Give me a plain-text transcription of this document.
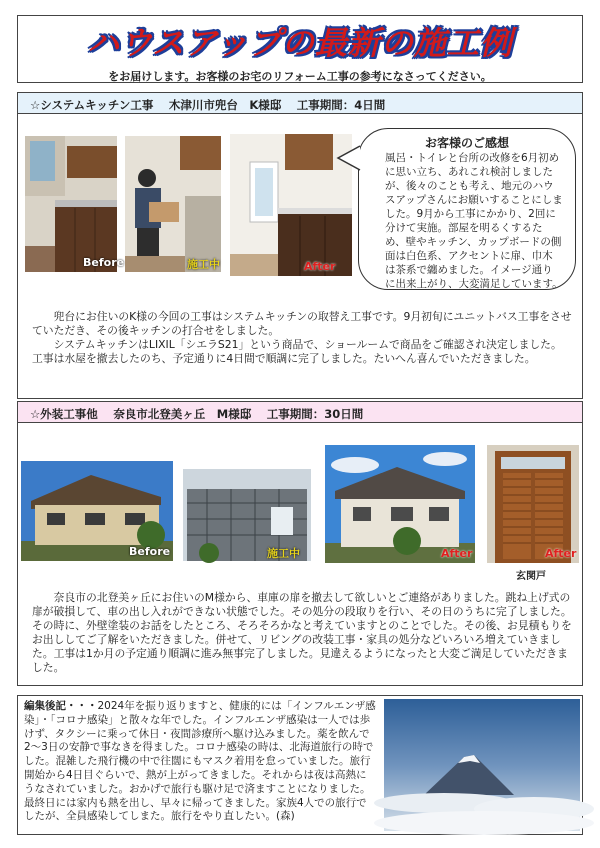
ハウスアップの最新の施工例
をお届けします。お客様のお宅のリフォーム工事の参考になさってください。
☆システムキッチン工事　 木津川市兜台　K様邸　 工事期間：4日間
Before	施工中	After
お客様のご感想
風呂・トイレと台所の改修を6月初めに思い立ち、あれこれ検討しましたが、後々のことも考え、地元のハウスアップさんにお願いすることにしました。9月から工事にかかり、2回に分けて実施。部屋を明るくするため、壁やキッチン、カップボードの側面は白色系、アクセントに扉、巾木は茶系で纏めました。イメージ通りに出来上がり、大変満足しています。
兜台にお住いのK様の今回の工事はシステムキッチンの取替え工事です。9月初旬にユニットバス工事をさせていただき、その後キッチンの打合せをしました。
システムキッチンはLIXIL「シエラS21」という商品で、ショールームで商品をご確認され決定しました。工事は水屋を撤去したのち、予定通りに4日間で順調に完了しました。たいへん喜んでいただきました。
☆外装工事他　 奈良市北登美ヶ丘　M様邸　 工事期間：30日間
Before	施工中	After	After
玄関戸
奈良市の北登美ヶ丘にお住いのM様から、車庫の扉を撤去して欲しいとご連絡がありました。跳ね上げ式の扉が破損して、車の出し入れができない状態でした。その処分の段取りを行い、その日のうちに完了しました。その時に、外壁塗装のお話をしたところ、そろそろかなと考えていますとのことでした。その後、お見積もりをお出ししてご了解をいただきました。併せて、リビングの改装工事・家具の処分などいろいろ増えていきました。工事は1か月の予定通り順調に進み無事完了しました。見違えるようになったと大変ご満足していただきました。
編集後記・・・2024年を振り返りますと、健康的には「インフルエンザ感染」・「コロナ感染」と散々な年でした。インフルエンザ感染は一人では歩けず、タクシーに乗って休日・夜間診療所へ駆け込みました。薬を飲んで2〜3日の安静で事なきを得ました。コロナ感染の時は、北海道旅行の時でした。混雑した飛行機の中で往闊にもマスク着用を怠っていました。旅行開始から4日目ぐらいで、熱が上がってきました。それからは夜は高熱にうなされていました。おかげで旅行も駆け足で済ますことになりました。最終日には家内も熱を出し、早々に帰ってきました。家族4人での旅行でしたが、全員感染してしまた。旅行をやり直したい。(森)
